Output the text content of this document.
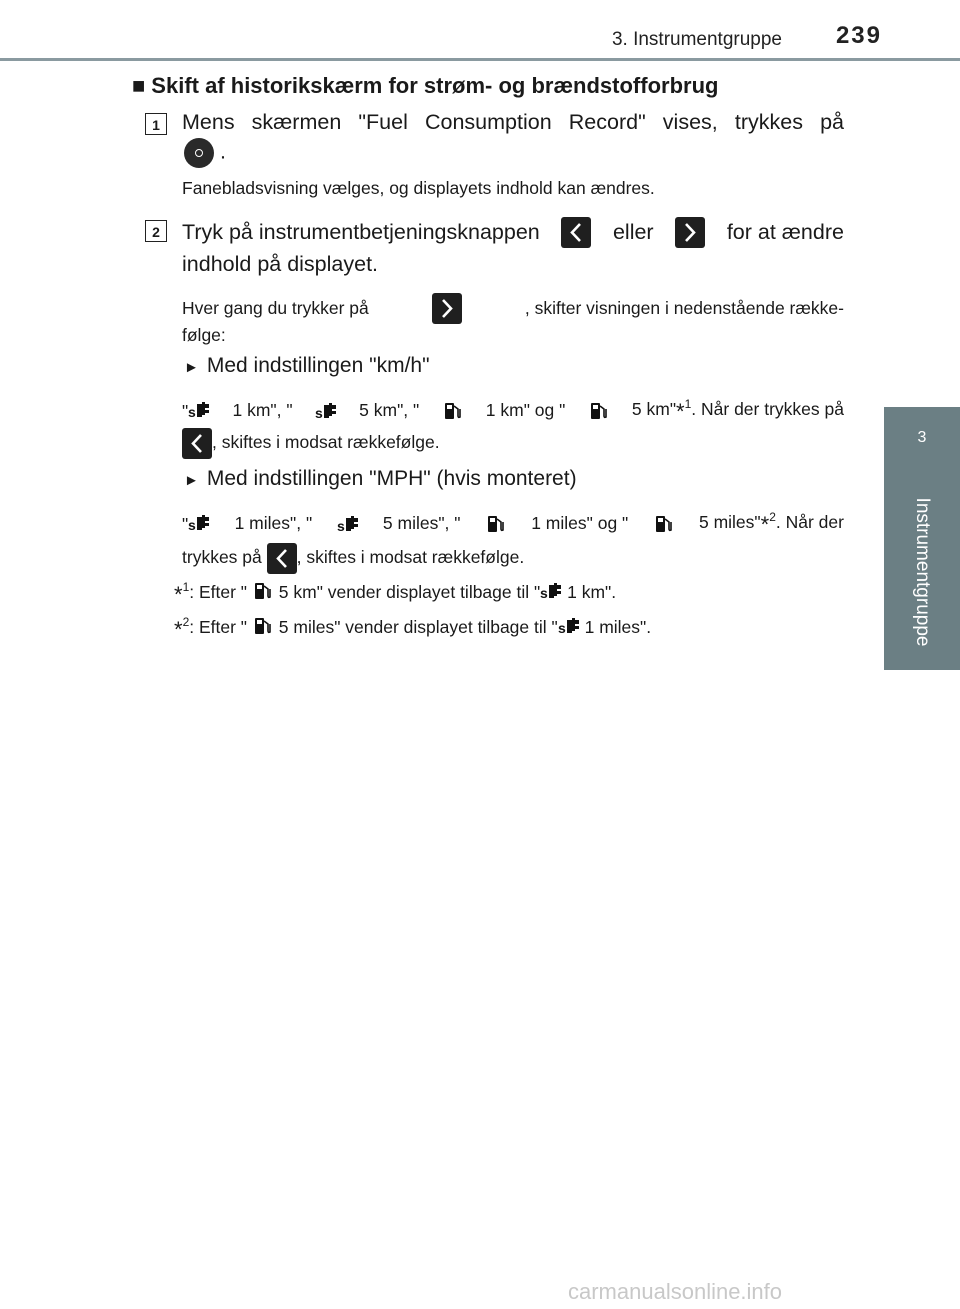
3. Instrumentgruppe 239
3
Instrumentgruppe
■ Skift af historikskærm for strøm- og brændstofforbrug
1	Mens skærmen "Fuel Consumption Record" vises, trykkes på
.
Fanebladsvisning vælges, og displayets indhold kan ændres.
2	Tryk på instrumentbetjeningsknappen	eller	for at ændre
indhold på displayet.
Hver gang du trykker på	, skifter visningen i nedenstående række-
følge:
► Med indstillingen "km/h"
"	1 km", "	5 km", "	1 km" og "	5 km"*$^1$. Når der trykkes på
, skiftes i modsat rækkefølge.
► Med indstillingen "MPH" (hvis monteret)
"	1 miles", "	5 miles", "	1 miles" og "	5 miles"*$^2$. Når der
trykkes på , skiftes i modsat rækkefølge.
*$^1$: Efter " 5 km" vender displayet tilbage til " 1 km".
*$^2$: Efter " 5 miles" vender displayet tilbage til " 1 miles".
carmanualsonline.info
